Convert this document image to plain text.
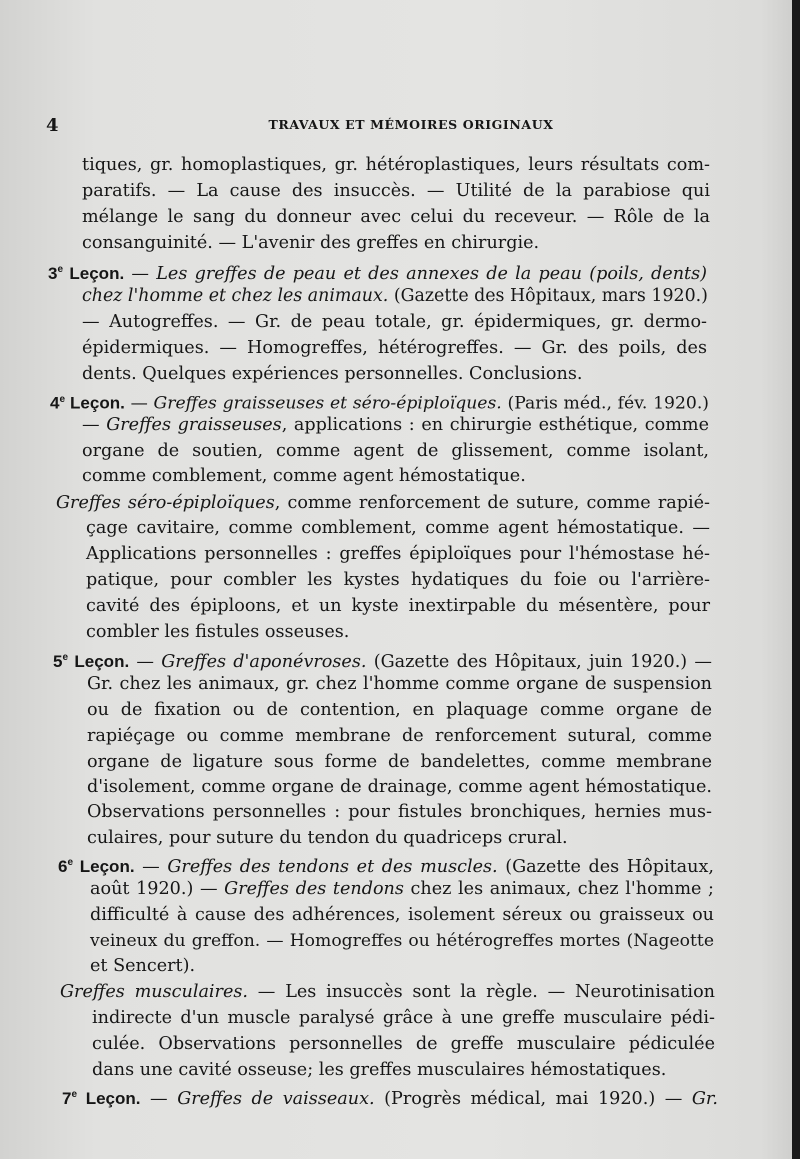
4	TRAVAUX ET MÉMOIRES ORIGINAUX
tiques, gr. homoplastiques, gr. hétéroplastiques, leurs résultats com-
paratifs. — La cause des insuccès. — Utilité de la parabiose qui
mélange le sang du donneur avec celui du receveur. — Rôle de la
consanguinité. — L'avenir des greffes en chirurgie.
3e Leçon. — Les greffes de peau et des annexes de la peau (poils, dents)
chez l'homme et chez les animaux. (Gazette des Hôpitaux, mars 1920.)
— Autogreffes. — Gr. de peau totale, gr. épidermiques, gr. dermo-
épidermiques. — Homogreffes, hétérogreffes. — Gr. des poils, des
dents. Quelques expériences personnelles. Conclusions.
4e Leçon. — Greffes graisseuses et séro-épiploïques. (Paris méd., fév. 1920.)
— Greffes graisseuses, applications : en chirurgie esthétique, comme
organe de soutien, comme agent de glissement, comme isolant,
comme comblement, comme agent hémostatique.
Greffes séro-épiploïques, comme renforcement de suture, comme rapié-
çage cavitaire, comme comblement, comme agent hémostatique. —
Applications personnelles : greffes épiploïques pour l'hémostase hé-
patique, pour combler les kystes hydatiques du foie ou l'arrière-
cavité des épiploons, et un kyste inextirpable du mésentère, pour
combler les fistules osseuses.
5e Leçon. — Greffes d'aponévroses. (Gazette des Hôpitaux, juin 1920.) —
Gr. chez les animaux, gr. chez l'homme comme organe de suspension
ou de fixation ou de contention, en plaquage comme organe de
rapiéçage ou comme membrane de renforcement sutural, comme
organe de ligature sous forme de bandelettes, comme membrane
d'isolement, comme organe de drainage, comme agent hémostatique.
Observations personnelles : pour fistules bronchiques, hernies mus-
culaires, pour suture du tendon du quadriceps crural.
6e Leçon. — Greffes des tendons et des muscles. (Gazette des Hôpitaux,
août 1920.) — Greffes des tendons chez les animaux, chez l'homme ;
difficulté à cause des adhérences, isolement séreux ou graisseux ou
veineux du greffon. — Homogreffes ou hétérogreffes mortes (Nageotte
et Sencert).
Greffes musculaires. — Les insuccès sont la règle. — Neurotinisation
indirecte d'un muscle paralysé grâce à une greffe musculaire pédi-
culée. Observations personnelles de greffe musculaire pédiculée
dans une cavité osseuse; les greffes musculaires hémostatiques.
7e Leçon. — Greffes de vaisseaux. (Progrès médical, mai 1920.) — Gr.
